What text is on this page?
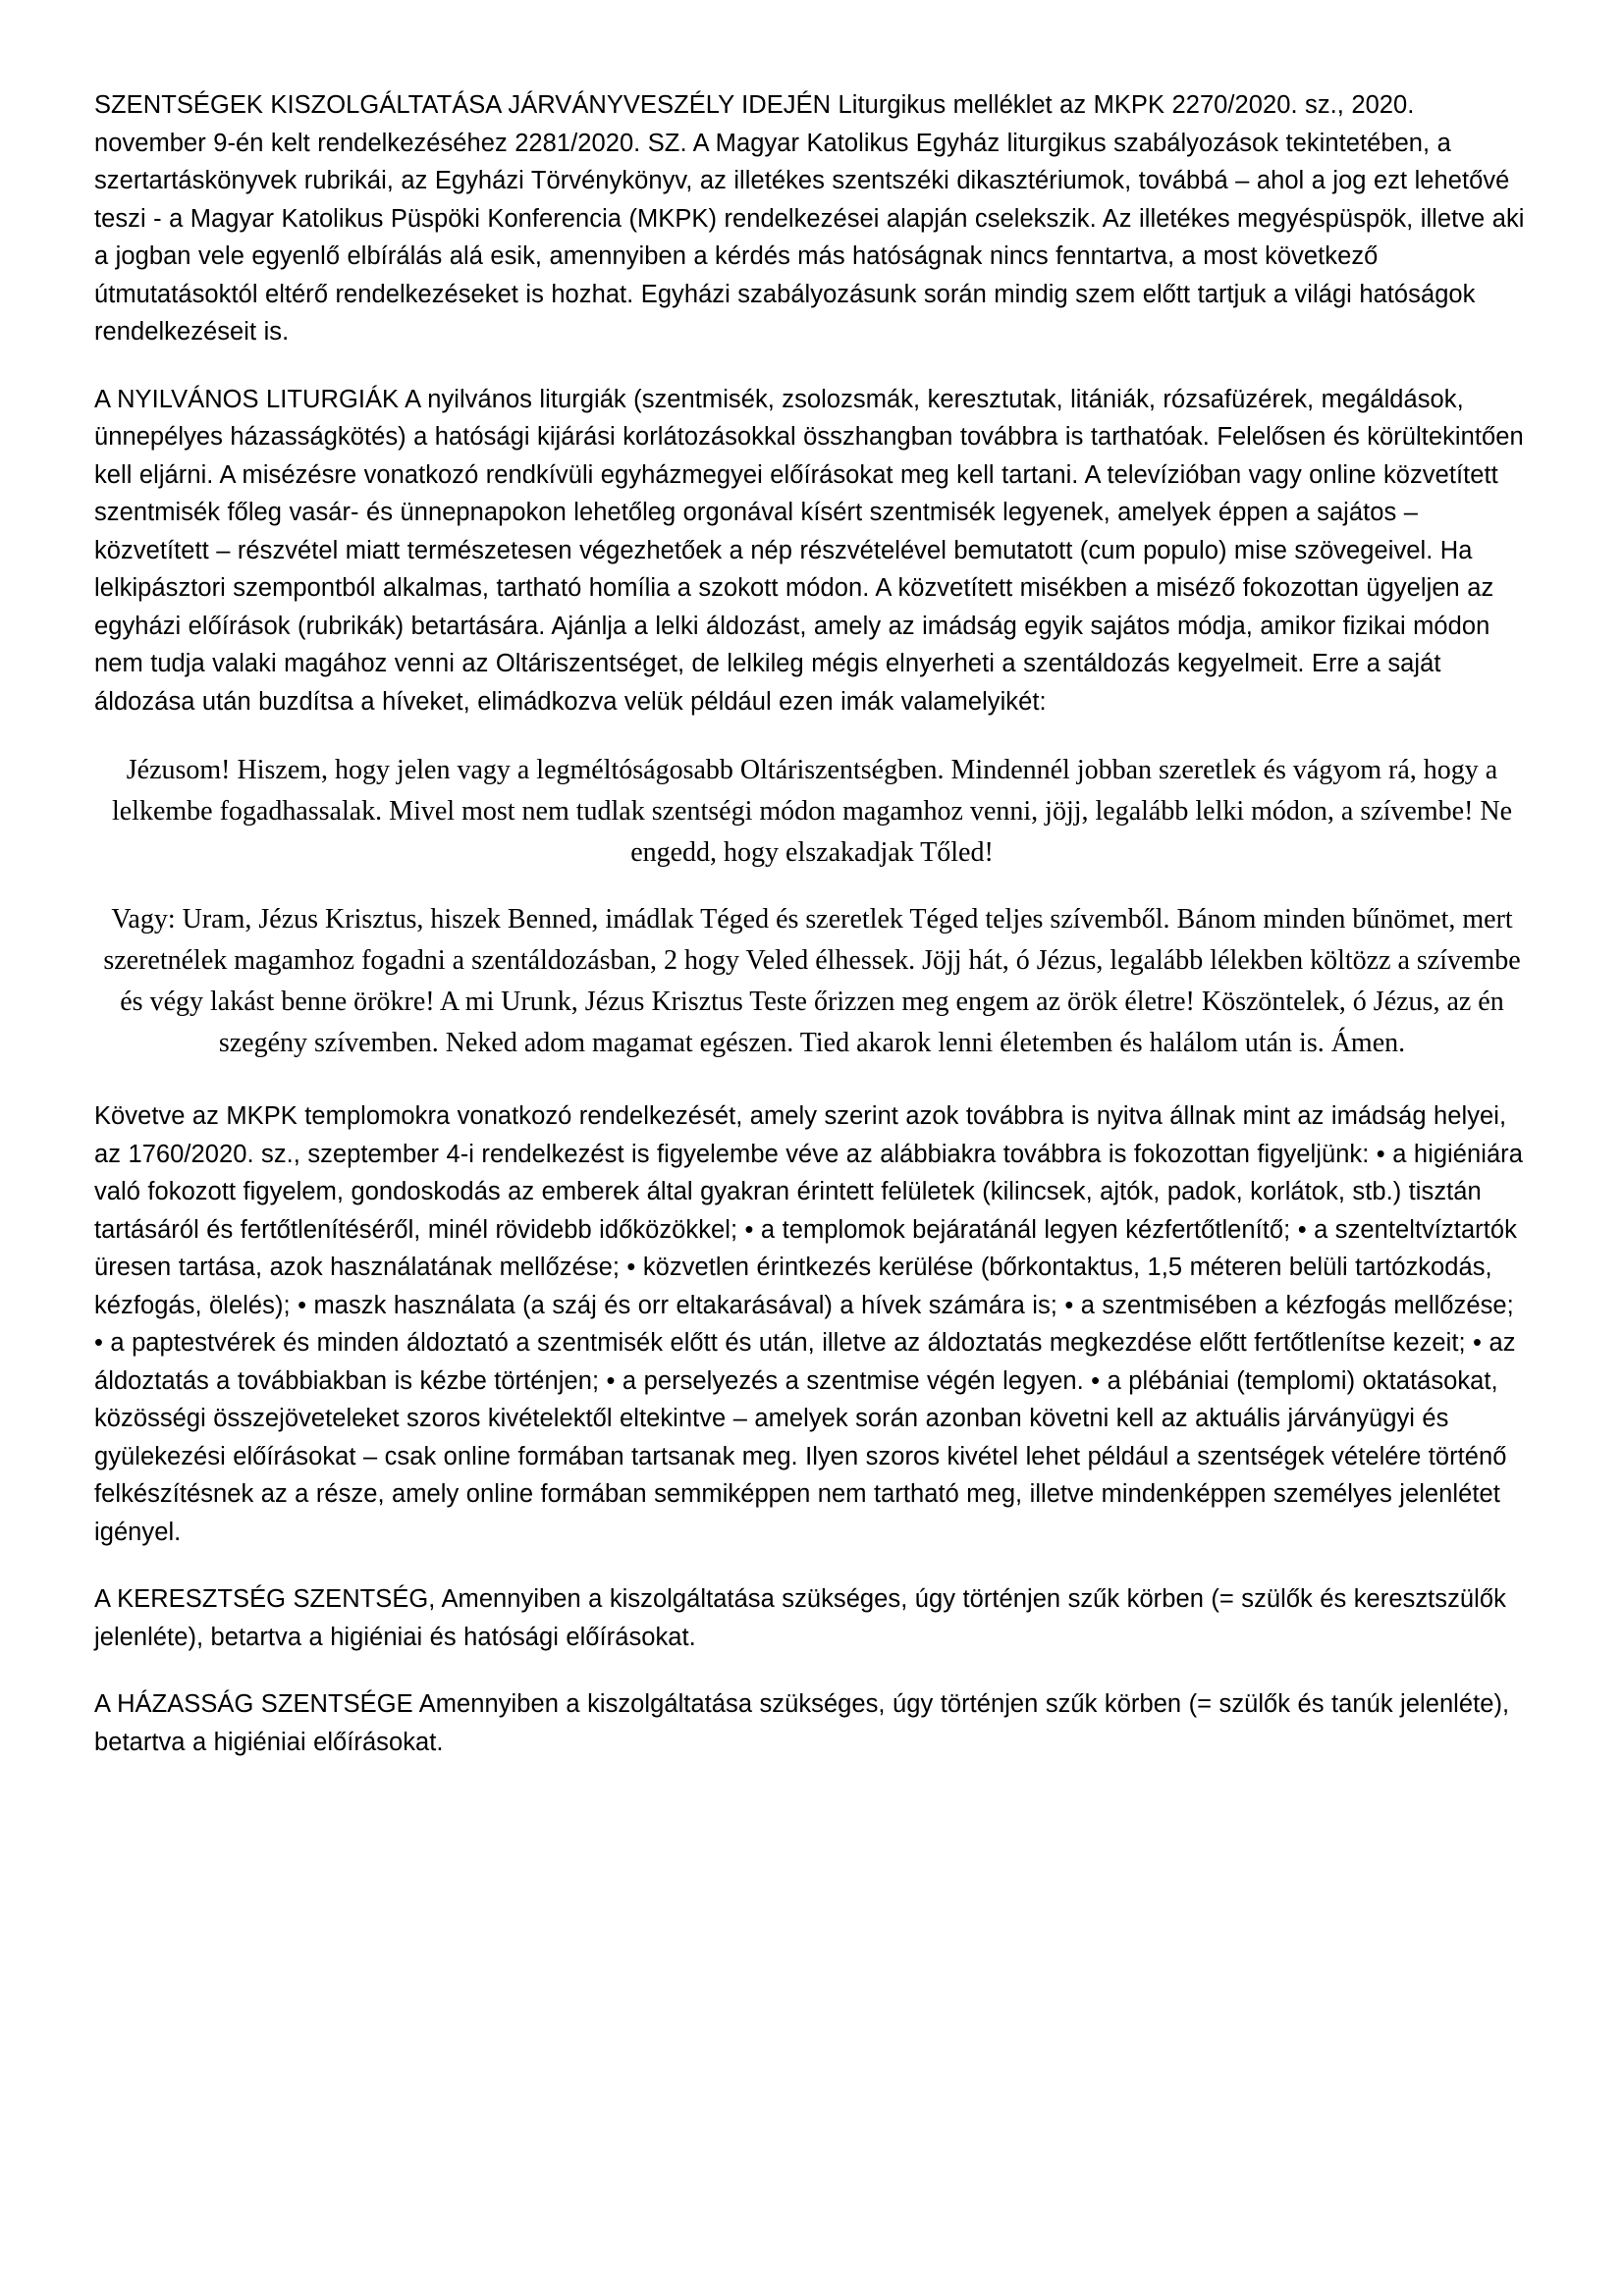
SZENTSÉGEK KISZOLGÁLTATÁSA JÁRVÁNYVESZÉLY IDEJÉN Liturgikus melléklet az MKPK 2270/2020. sz., 2020. november 9-én kelt rendelkezéséhez 2281/2020. SZ. A Magyar Katolikus Egyház liturgikus szabályozások tekintetében, a szertartáskönyvek rubrikái, az Egyházi Törvénykönyv, az illetékes szentszéki dikasztériumok, továbbá – ahol a jog ezt lehetővé teszi - a Magyar Katolikus Püspöki Konferencia (MKPK) rendelkezései alapján cselekszik. Az illetékes megyéspüspök, illetve aki a jogban vele egyenlő elbírálás alá esik, amennyiben a kérdés más hatóságnak nincs fenntartva, a most következő útmutatásoktól eltérő rendelkezéseket is hozhat. Egyházi szabályozásunk során mindig szem előtt tartjuk a világi hatóságok rendelkezéseit is.

A NYILVÁNOS LITURGIÁK A nyilvános liturgiák (szentmisék, zsolozsmák, keresztutak, litániák, rózsafüzérek, megáldások, ünnepélyes házasságkötés) a hatósági kijárási korlátozásokkal összhangban továbbra is tarthatóak. Felelősen és körültekintően kell eljárni. A misézésre vonatkozó rendkívüli egyházmegyei előírásokat meg kell tartani. A televízióban vagy online közvetített szentmisék főleg vasár- és ünnepnapokon lehetőleg orgonával kísért szentmisék legyenek, amelyek éppen a sajátos – közvetített – részvétel miatt természetesen végezhetőek a nép részvételével bemutatott (cum populo) mise szövegeivel. Ha lelkipásztori szempontból alkalmas, tartható homília a szokott módon. A közvetített misékben a miséző fokozottan ügyeljen az egyházi előírások (rubrikák) betartására. Ajánlja a lelki áldozást, amely az imádság egyik sajátos módja, amikor fizikai módon nem tudja valaki magához venni az Oltáriszentséget, de lelkileg mégis elnyerheti a szentáldozás kegyelmeit. Erre a saját áldozása után buzdítsa a híveket, elimádkozva velük például ezen imák valamelyikét:

Jézusom! Hiszem, hogy jelen vagy a legméltóságosabb Oltáriszentségben. Mindennél jobban szeretlek és vágyom rá, hogy a lelkembe fogadhassalak. Mivel most nem tudlak szentségi módon magamhoz venni, jöjj, legalább lelki módon, a szívembe! Ne engedd, hogy elszakadjak Tőled!

Vagy: Uram, Jézus Krisztus, hiszek Benned, imádlak Téged és szeretlek Téged teljes szívemből. Bánom minden bűnömet, mert szeretnélek magamhoz fogadni a szentáldozásban, 2 hogy Veled élhessek. Jöjj hát, ó Jézus, legalább lélekben költözz a szívembe és végy lakást benne örökre! A mi Urunk, Jézus Krisztus Teste őrizzen meg engem az örök életre! Köszöntelek, ó Jézus, az én szegény szívemben. Neked adom magamat egészen. Tied akarok lenni életemben és halálom után is. Ámen.

Követve az MKPK templomokra vonatkozó rendelkezését, amely szerint azok továbbra is nyitva állnak mint az imádság helyei, az 1760/2020. sz., szeptember 4-i rendelkezést is figyelembe véve az alábbiakra továbbra is fokozottan figyeljünk: • a higiéniára való fokozott figyelem, gondoskodás az emberek által gyakran érintett felületek (kilincsek, ajtók, padok, korlátok, stb.) tisztán tartásáról és fertőtlenítéséről, minél rövidebb időközökkel; • a templomok bejáratánál legyen kézfertőtlenítő; • a szenteltvíztartók üresen tartása, azok használatának mellőzése; • közvetlen érintkezés kerülése (bőrkontaktus, 1,5 méteren belüli tartózkodás, kézfogás, ölelés); • maszk használata (a száj és orr eltakarásával) a hívek számára is; • a szentmisében a kézfogás mellőzése; • a paptestvérek és minden áldoztató a szentmisék előtt és után, illetve az áldoztatás megkezdése előtt fertőtlenítse kezeit; • az áldoztatás a továbbiakban is kézbe történjen; • a perselyezés a szentmise végén legyen. • a plébániai (templomi) oktatásokat, közösségi összejöveteleket szoros kivételektől eltekintve – amelyek során azonban követni kell az aktuális járványügyi és gyülekezési előírásokat – csak online formában tartsanak meg. Ilyen szoros kivétel lehet például a szentségek vételére történő felkészítésnek az a része, amely online formában semmiképpen nem tartható meg, illetve mindenképpen személyes jelenlétet igényel.

A KERESZTSÉG SZENTSÉG, Amennyiben a kiszolgáltatása szükséges, úgy történjen szűk körben (= szülők és keresztszülők jelenléte), betartva a higiéniai és hatósági előírásokat.

A HÁZASSÁG SZENTSÉGE Amennyiben a kiszolgáltatása szükséges, úgy történjen szűk körben (= szülők és tanúk jelenléte), betartva a higiéniai előírásokat.
